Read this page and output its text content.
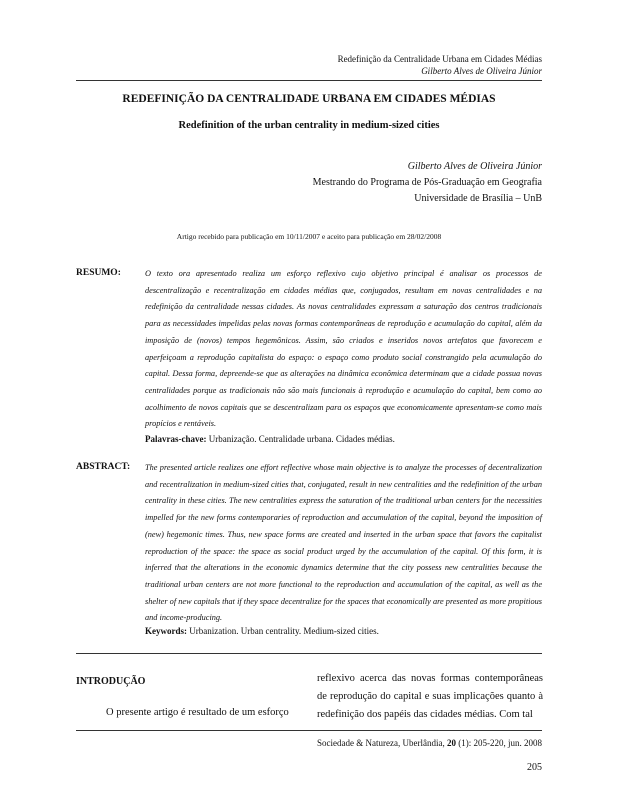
Redefinição da Centralidade Urbana em Cidades Médias
Gilberto Alves de Oliveira Júnior
REDEFINIÇÃO DA CENTRALIDADE URBANA EM CIDADES MÉDIAS
Redefinition of the urban centrality in medium-sized cities
Gilberto Alves de Oliveira Júnior
Mestrando do Programa de Pós-Graduação em Geografia
Universidade de Brasília – UnB
Artigo recebido para publicação em 10/11/2007 e aceito para publicação em 28/02/2008
RESUMO:	O texto ora apresentado realiza um esforço reflexivo cujo objetivo principal é analisar os processos de descentralização e recentralização em cidades médias que, conjugados, resultam em novas centralidades e na redefinição da centralidade nessas cidades. As novas centralidades expressam a saturação dos centros tradicionais para as necessidades impelidas pelas novas formas contemporâneas de reprodução e acumulação do capital, além da imposição de (novos) tempos hegemônicos. Assim, são criados e inseridos novos artefatos que favorecem e aperfeiçoam a reprodução capitalista do espaço: o espaço como produto social constrangido pela acumulação do capital. Dessa forma, depreende-se que as alterações na dinâmica econômica determinam que a cidade possua novas centralidades porque as tradicionais não são mais funcionais à reprodução e acumulação do capital, bem como ao acolhimento de novos capitais que se descentralizam para os espaços que economicamente apresentam-se como mais propícios e rentáveis.
Palavras-chave: Urbanização. Centralidade urbana. Cidades médias.
ABSTRACT: The presented article realizes one effort reflective whose main objective is to analyze the processes of decentralization and recentralization in medium-sized cities that, conjugated, result in new centralities and the redefinition of the urban centrality in these cities. The new centralities express the saturation of the traditional urban centers for the necessities impelled for the new forms contemporaries of reproduction and accumulation of the capital, beyond the imposition of (new) hegemonic times. Thus, new space forms are created and inserted in the urban space that favors the capitalist reproduction of the space: the space as social product urged by the accumulation of the capital. Of this form, it is inferred that the alterations in the economic dynamics determine that the city possess new centralities because the traditional urban centers are not more functional to the reproduction and accumulation of the capital, as well as the shelter of new capitals that if they space decentralize for the spaces that economically are presented as more propitious and income-producing.
Keywords: Urbanization. Urban centrality. Medium-sized cities.
INTRODUÇÃO
O presente artigo é resultado de um esforço
reflexivo acerca das novas formas contemporâneas de reprodução do capital e suas implicações quanto à redefinição dos papéis das cidades médias. Com tal
Sociedade & Natureza, Uberlândia, 20 (1): 205-220, jun. 2008
205
